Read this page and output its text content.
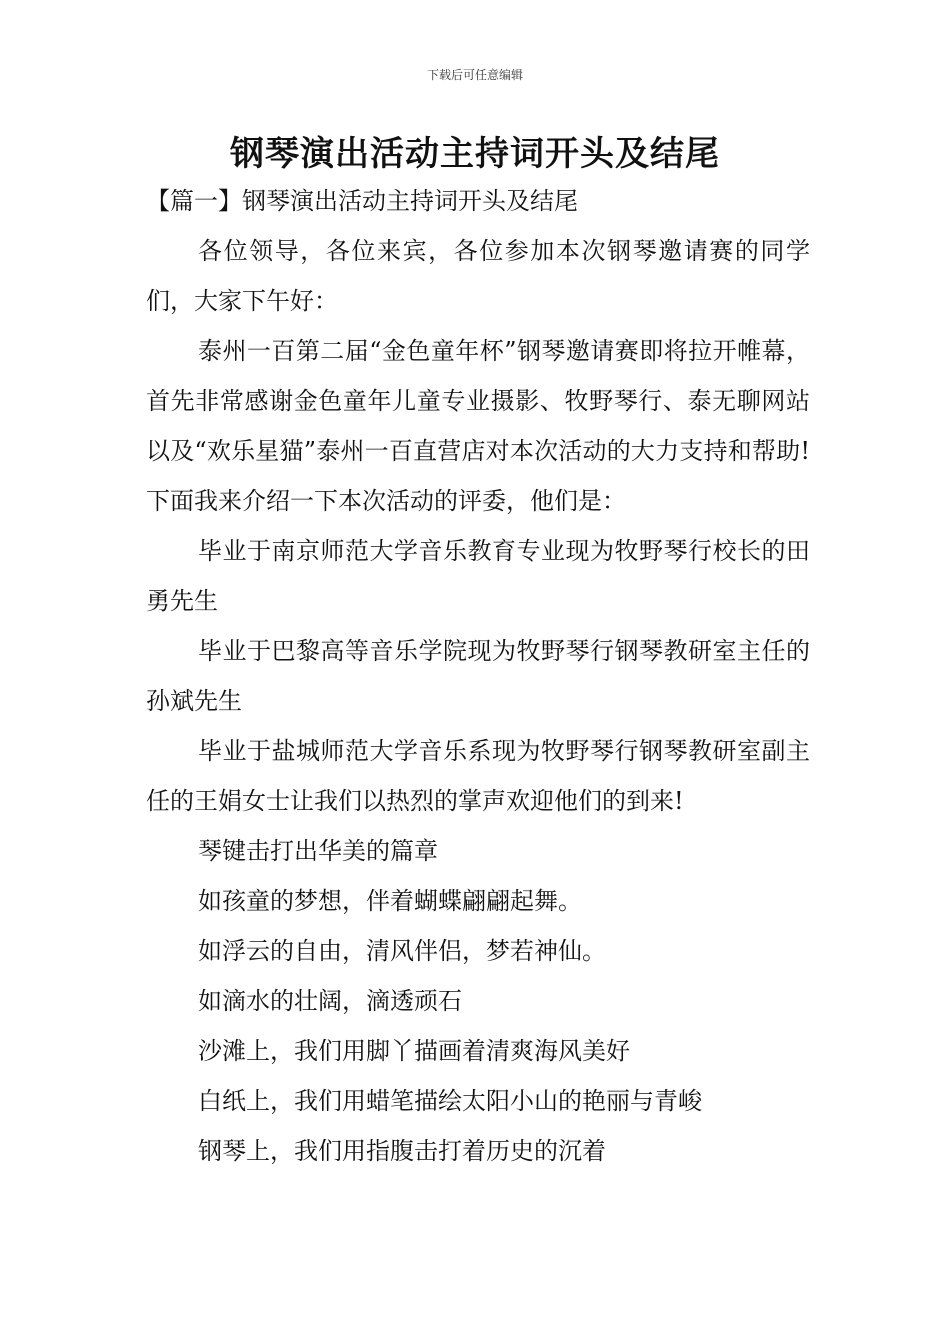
下载后可任意编辑
钢琴演出活动主持词开头及结尾

【篇一】钢琴演出活动主持词开头及结尾

各位领导，各位来宾，各位参加本次钢琴邀请赛的同学们，大家下午好：

泰州一百第二届“金色童年杯”钢琴邀请赛即将拉开帷幕，首先非常感谢金色童年儿童专业摄影、牧野琴行、泰无聊网站以及“欢乐星猫”泰州一百直营店对本次活动的大力支持和帮助!下面我来介绍一下本次活动的评委，他们是：

毕业于南京师范大学音乐教育专业现为牧野琴行校长的田勇先生

毕业于巴黎高等音乐学院现为牧野琴行钢琴教研室主任的孙斌先生

毕业于盐城师范大学音乐系现为牧野琴行钢琴教研室副主任的王娟女士让我们以热烈的掌声欢迎他们的到来!

琴键击打出华美的篇章

如孩童的梦想，伴着蝴蝶翩翩起舞。

如浮云的自由，清风伴侣，梦若神仙。

如滴水的壮阔，滴透顽石

沙滩上，我们用脚丫描画着清爽海风美好

白纸上，我们用蜡笔描绘太阳小山的艳丽与青峻

钢琴上，我们用指腹击打着历史的沉着
